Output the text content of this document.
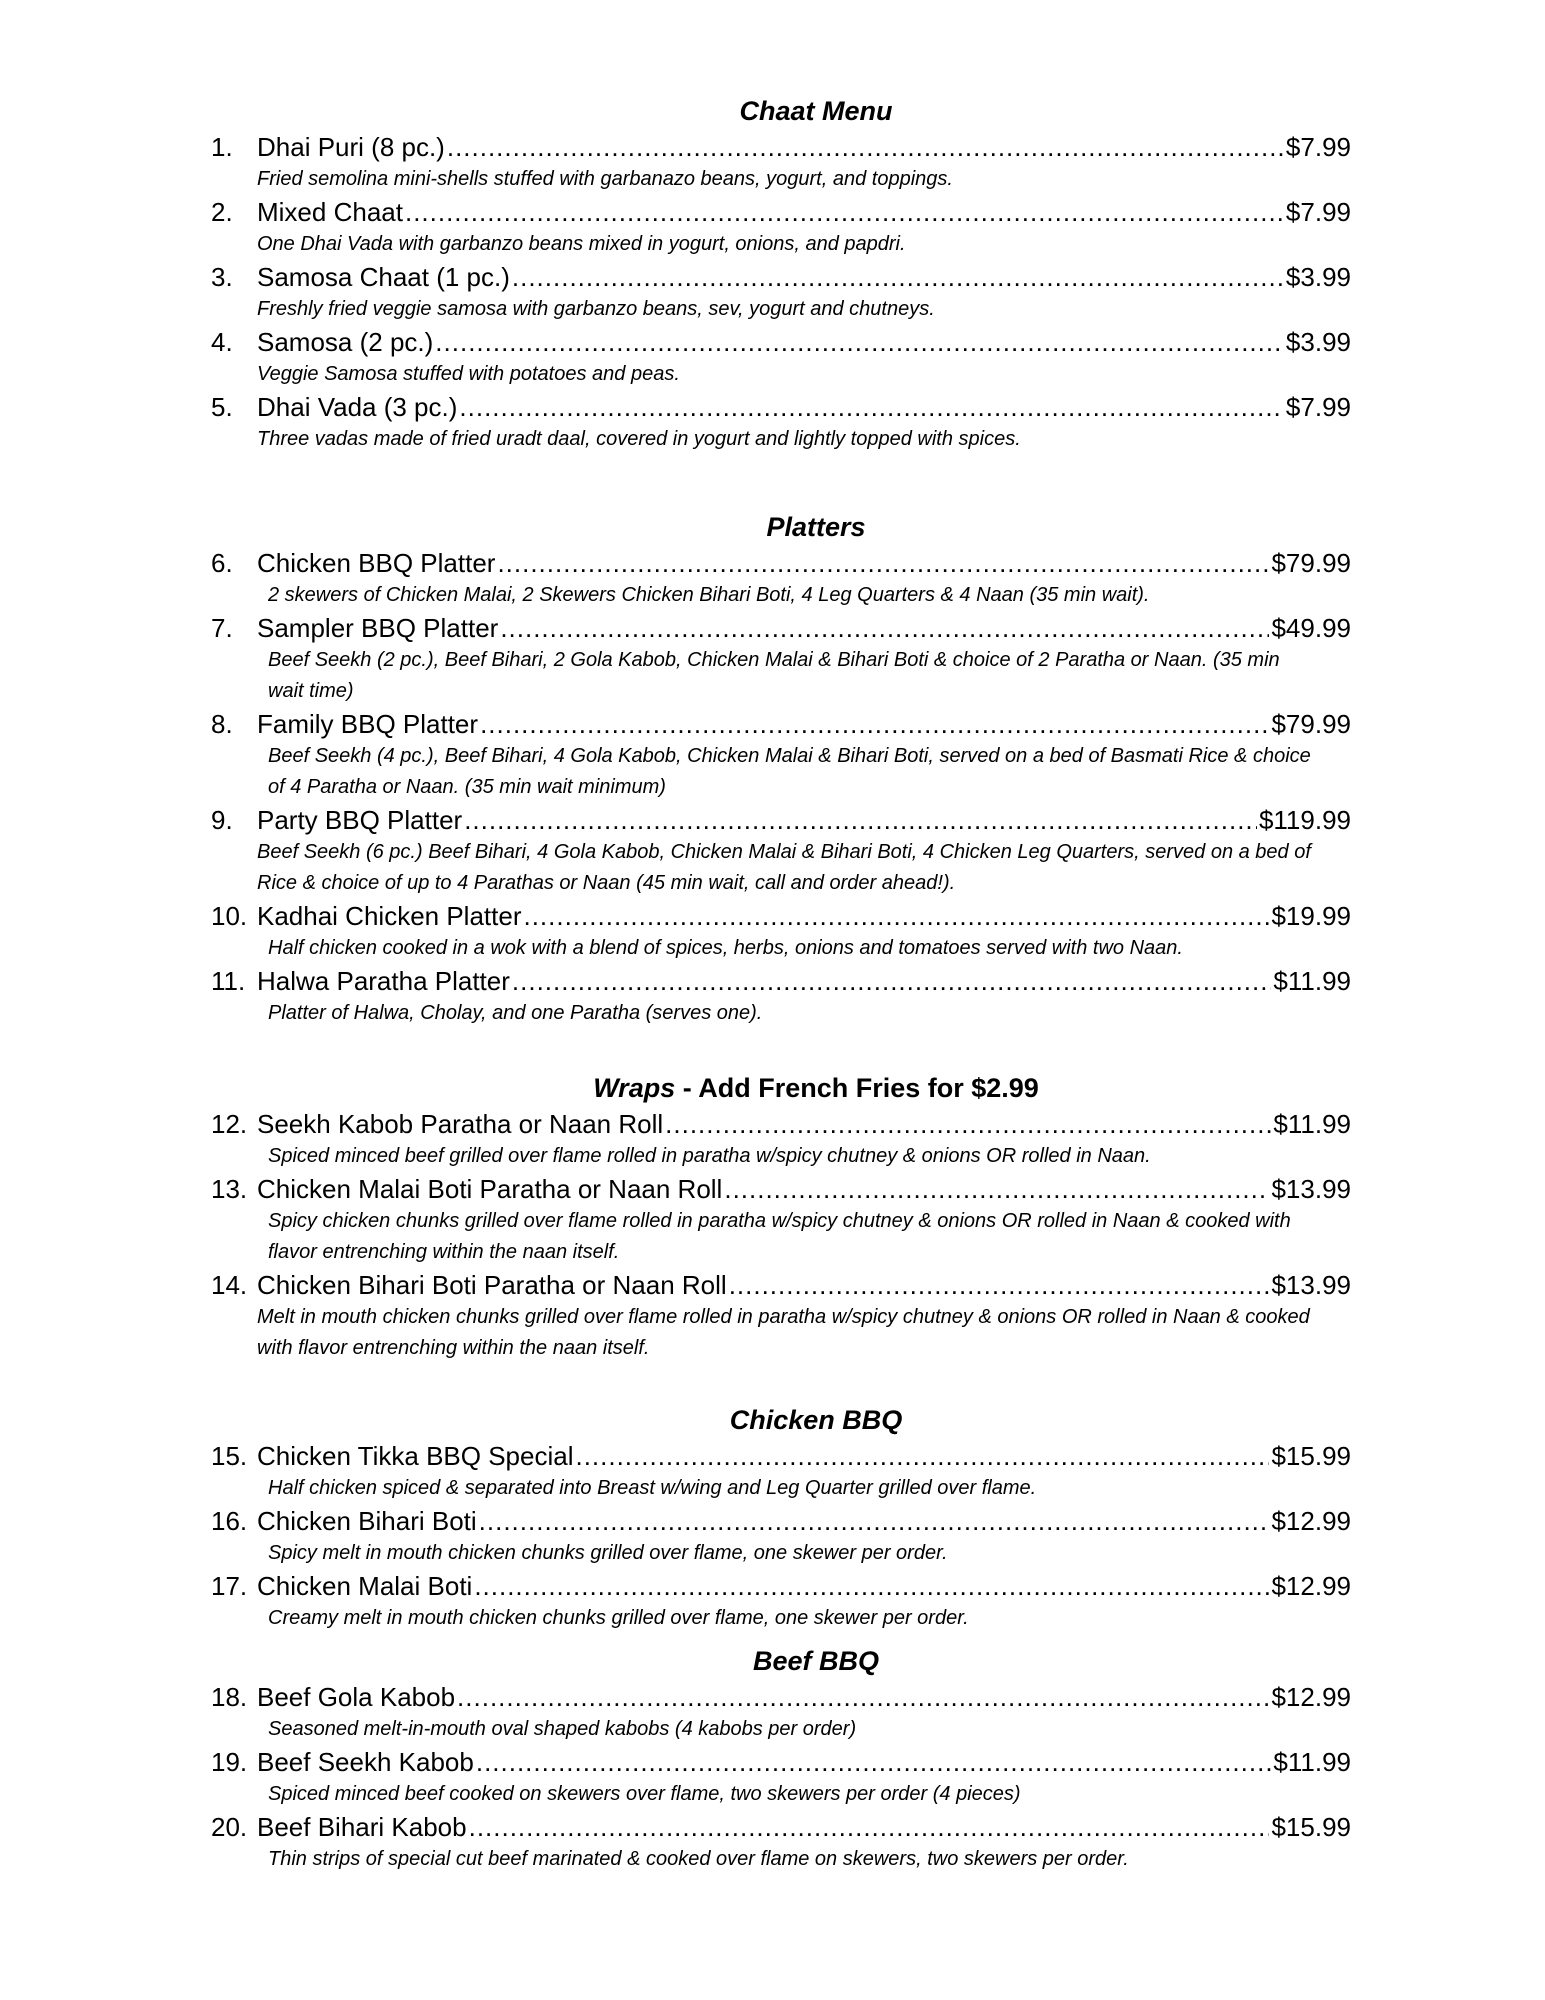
Chaat Menu
1. Dhai Puri (8 pc.) .....	$7.99
Fried semolina mini-shells stuffed with garbanazo beans, yogurt, and toppings.
2. Mixed Chaat .....	$7.99
One Dhai Vada with garbanzo beans mixed in yogurt, onions, and papdri.
3. Samosa Chaat (1 pc.) .....	$3.99
Freshly fried veggie samosa with garbanzo beans, sev, yogurt and chutneys.
4. Samosa (2 pc.) .....	$3.99
Veggie Samosa stuffed with potatoes and peas.
5. Dhai Vada (3 pc.) .....	$7.99
Three vadas made of fried uradt daal, covered in yogurt and lightly topped with spices.
Platters
6. Chicken BBQ Platter .....	$79.99
2 skewers of Chicken Malai, 2 Skewers Chicken Bihari Boti, 4 Leg Quarters & 4 Naan (35 min wait).
7. Sampler BBQ Platter .....	$49.99
Beef Seekh (2 pc.), Beef Bihari, 2 Gola Kabob, Chicken Malai & Bihari Boti & choice of 2 Paratha or Naan. (35 min wait time)
8. Family BBQ Platter .....	$79.99
Beef Seekh (4 pc.), Beef Bihari, 4 Gola Kabob, Chicken Malai & Bihari Boti, served on a bed of Basmati Rice & choice of 4 Paratha or Naan. (35 min wait minimum)
9. Party BBQ Platter .....	$119.99
Beef Seekh (6 pc.) Beef Bihari, 4 Gola Kabob, Chicken Malai & Bihari Boti, 4 Chicken Leg Quarters, served on a bed of Rice & choice of up to 4 Parathas or Naan (45 min wait, call and order ahead!).
10. Kadhai Chicken Platter .....	$19.99
Half chicken cooked in a wok with a blend of spices, herbs, onions and tomatoes served with two Naan.
11. Halwa Paratha Platter .....	$11.99
Platter of Halwa, Cholay, and one Paratha (serves one).
Wraps - Add French Fries for $2.99
12. Seekh Kabob Paratha or Naan Roll .....	$11.99
Spiced minced beef grilled over flame rolled in paratha w/spicy chutney & onions OR rolled in Naan.
13. Chicken Malai Boti Paratha or Naan Roll .....	$13.99
Spicy chicken chunks grilled over flame rolled in paratha w/spicy chutney & onions OR rolled in Naan & cooked with flavor entrenching within the naan itself.
14. Chicken Bihari Boti Paratha or Naan Roll .....	$13.99
Melt in mouth chicken chunks grilled over flame rolled in paratha w/spicy chutney & onions OR rolled in Naan & cooked with flavor entrenching within the naan itself.
Chicken BBQ
15. Chicken Tikka BBQ Special .....	$15.99
Half chicken spiced & separated into Breast w/wing and Leg Quarter grilled over flame.
16. Chicken Bihari Boti .....	$12.99
Spicy melt in mouth chicken chunks grilled over flame, one skewer per order.
17. Chicken Malai Boti .....	$12.99
Creamy melt in mouth chicken chunks grilled over flame, one skewer per order.
Beef BBQ
18. Beef Gola Kabob .....	$12.99
Seasoned melt-in-mouth oval shaped kabobs (4 kabobs per order)
19. Beef Seekh Kabob .....	$11.99
Spiced minced beef cooked on skewers over flame, two skewers per order (4 pieces)
20. Beef Bihari Kabob .....	$15.99
Thin strips of special cut beef marinated & cooked over flame on skewers, two skewers per order.
